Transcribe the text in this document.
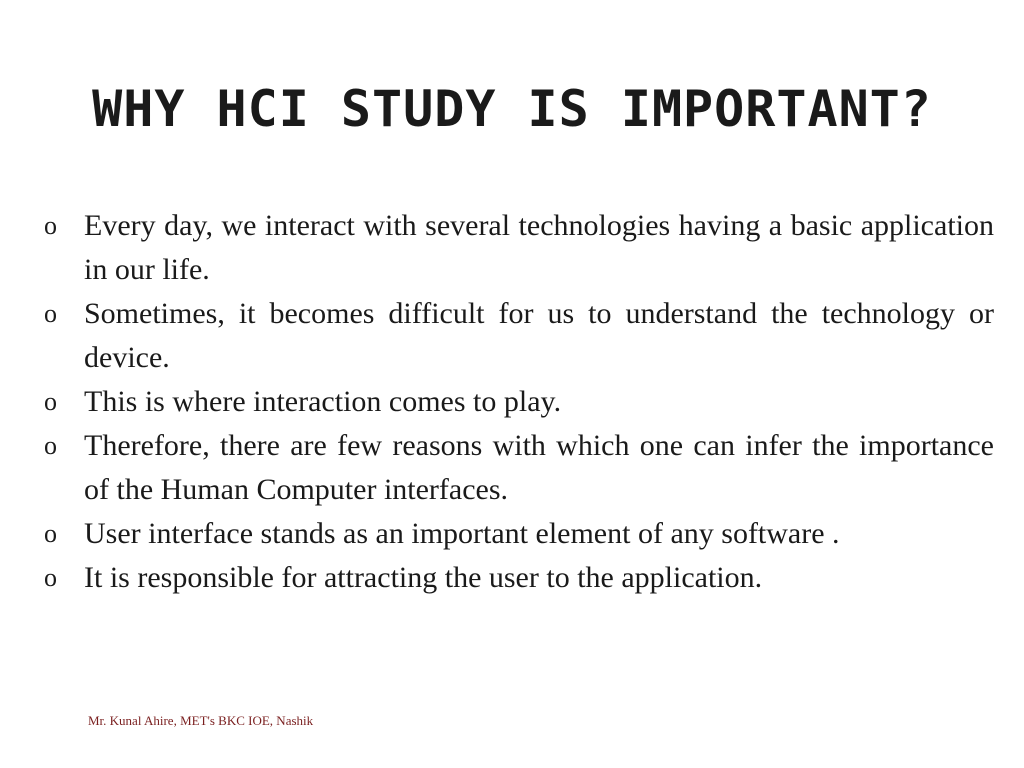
WHY HCI STUDY IS IMPORTANT?
o Every day, we interact with several technologies having a basic application in our life.
o Sometimes, it becomes difficult for us to understand the technology or device.
o This is where interaction comes to play.
o Therefore, there are few reasons with which one can infer the importance of the Human Computer interfaces.
o User interface stands as an important element of any software .
o It is responsible for attracting the user to the application.
Mr. Kunal Ahire, MET's BKC IOE, Nashik
